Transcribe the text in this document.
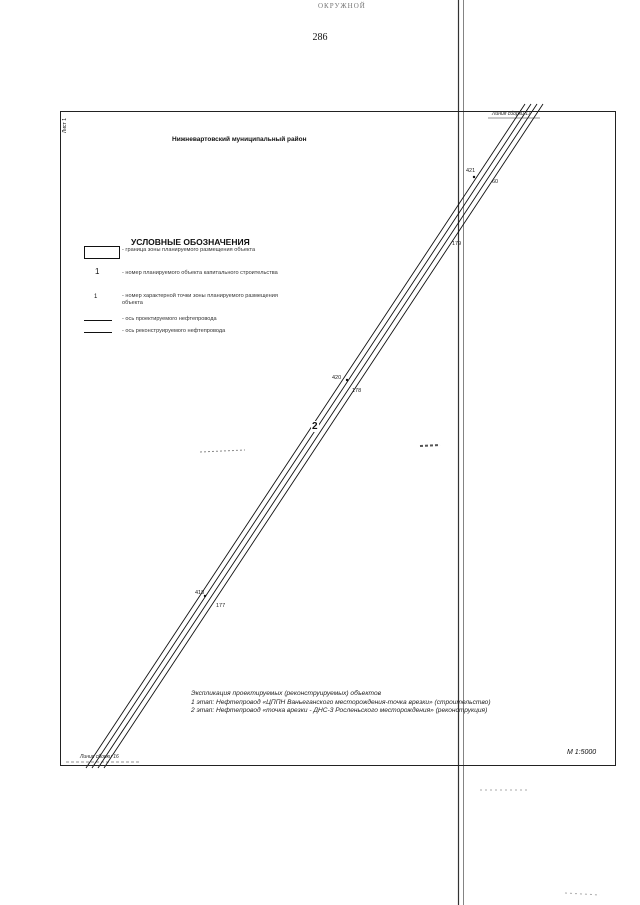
ОКРУЖНОЙ
286
Лист 1
Нижневартовский муниципальный район
УСЛОВНЫЕ ОБОЗНАЧЕНИЯ
- граница зоны планируемого размещения объекта
1	- номер планируемого объекта капитального строительства
1	- номер характерной точки зоны планируемого размещения объекта
- ось проектируемого нефтепровода
- ось реконструируемого нефтепровода
Линия сборки 17
Линия сборки 16
421
60
179
420
178
418
177
2
Экспликация проектируемых (реконструируемых) объектов
1 этап: Нефтепровод «ЦППН Ваньеганского месторождения-точка врезки» (строительство)
2 этап: Нефтепровод «точка врезки - ДНС-3 Росленьского месторождения» (реконструкция)
М 1:5000
